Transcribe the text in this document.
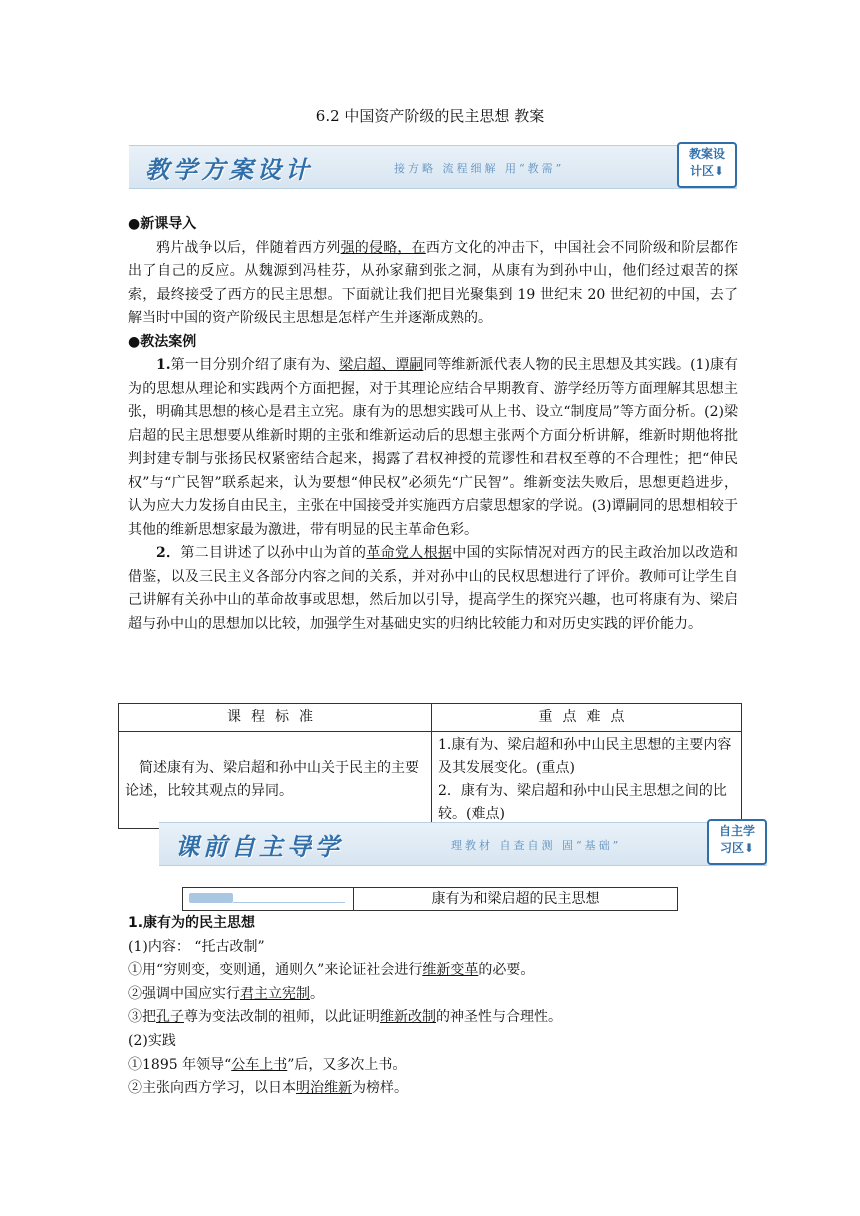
6.2 中国资产阶级的民主思想 教案
教学方案设计	接方略 流程细解 用“教需”
教案设
计区⬇
●新课导入
鸦片战争以后，伴随着西方列强的侵略，在西方文化的冲击下，中国社会不同阶级和阶层都作出了自己的反应。从魏源到冯桂芬，从孙家鼐到张之洞，从康有为到孙中山，他们经过艰苦的探索，最终接受了西方的民主思想。下面就让我们把目光聚集到 19 世纪末 20 世纪初的中国，去了解当时中国的资产阶级民主思想是怎样产生并逐渐成熟的。
●教法案例
1.第一目分别介绍了康有为、梁启超、谭嗣同等维新派代表人物的民主思想及其实践。(1)康有为的思想从理论和实践两个方面把握，对于其理论应结合早期教育、游学经历等方面理解其思想主张，明确其思想的核心是君主立宪。康有为的思想实践可从上书、设立“制度局”等方面分析。(2)梁启超的民主思想要从维新时期的主张和维新运动后的思想主张两个方面分析讲解，维新时期他将批判封建专制与张扬民权紧密结合起来，揭露了君权神授的荒谬性和君权至尊的不合理性；把“伸民权”与“广民智”联系起来，认为要想“伸民权”必须先“广民智”。维新变法失败后，思想更趋进步，认为应大力发扬自由民主，主张在中国接受并实施西方启蒙思想家的学说。(3)谭嗣同的思想相较于其他的维新思想家最为激进，带有明显的民主革命色彩。
2．第二目讲述了以孙中山为首的革命党人根据中国的实际情况对西方的民主政治加以改造和借鉴，以及三民主义各部分内容之间的关系，并对孙中山的民权思想进行了评价。教师可让学生自己讲解有关孙中山的革命故事或思想，然后加以引导，提高学生的探究兴趣，也可将康有为、梁启超与孙中山的思想加以比较，加强学生对基础史实的归纳比较能力和对历史实践的评价能力。
课程标准	重点难点
简述康有为、梁启超和孙中山关于民主的主要论述，比较其观点的异同。	1.康有为、梁启超和孙中山民主思想的主要内容及其发展变化。(重点)
2．康有为、梁启超和孙中山民主思想之间的比较。(难点)
课前自主导学	理教材 自查自测 固“基础”
自主学
习区⬇
康有为和梁启超的民主思想
1.康有为的民主思想
(1)内容： “托古改制”
①用“穷则变，变则通，通则久”来论证社会进行维新变革的必要。
②强调中国应实行君主立宪制。
③把孔子尊为变法改制的祖师，以此证明维新改制的神圣性与合理性。
(2)实践
①1895 年领导“公车上书”后，又多次上书。
②主张向西方学习，以日本明治维新为榜样。
